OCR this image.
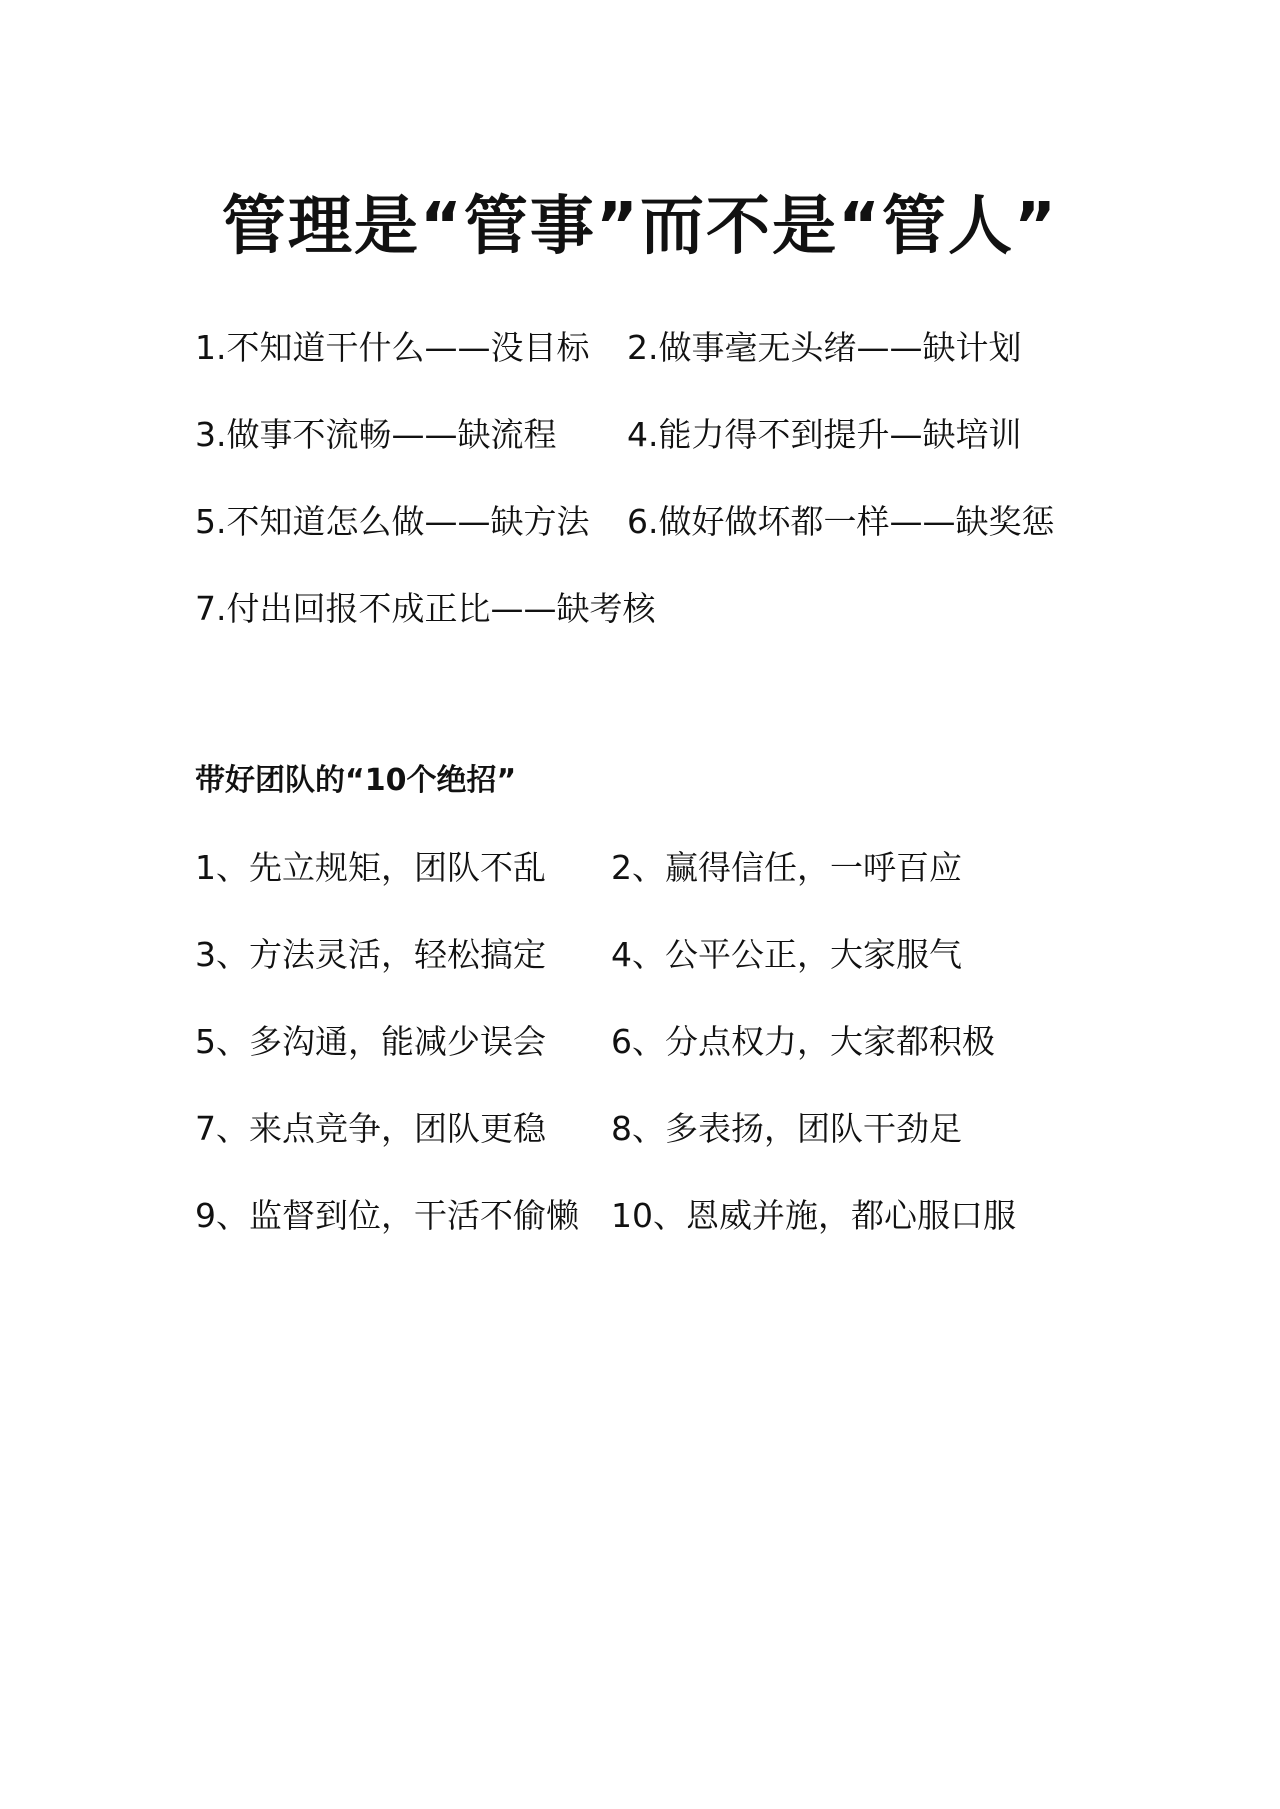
管理是“管事”而不是“管人”
1.不知道干什么——没目标 2.做事毫无头绪——缺计划
3.做事不流畅——缺流程 4.能力得不到提升—缺培训
5.不知道怎么做——缺方法 6.做好做坏都一样——缺奖惩
7.付出回报不成正比——缺考核
带好团队的“10个绝招”
1、先立规矩，团队不乱 2、赢得信任，一呼百应
3、方法灵活，轻松搞定 4、公平公正，大家服气
5、多沟通，能减少误会 6、分点权力，大家都积极
7、来点竞争，团队更稳 8、多表扬，团队干劲足
9、监督到位，干活不偷懒 10、恩威并施，都心服口服
